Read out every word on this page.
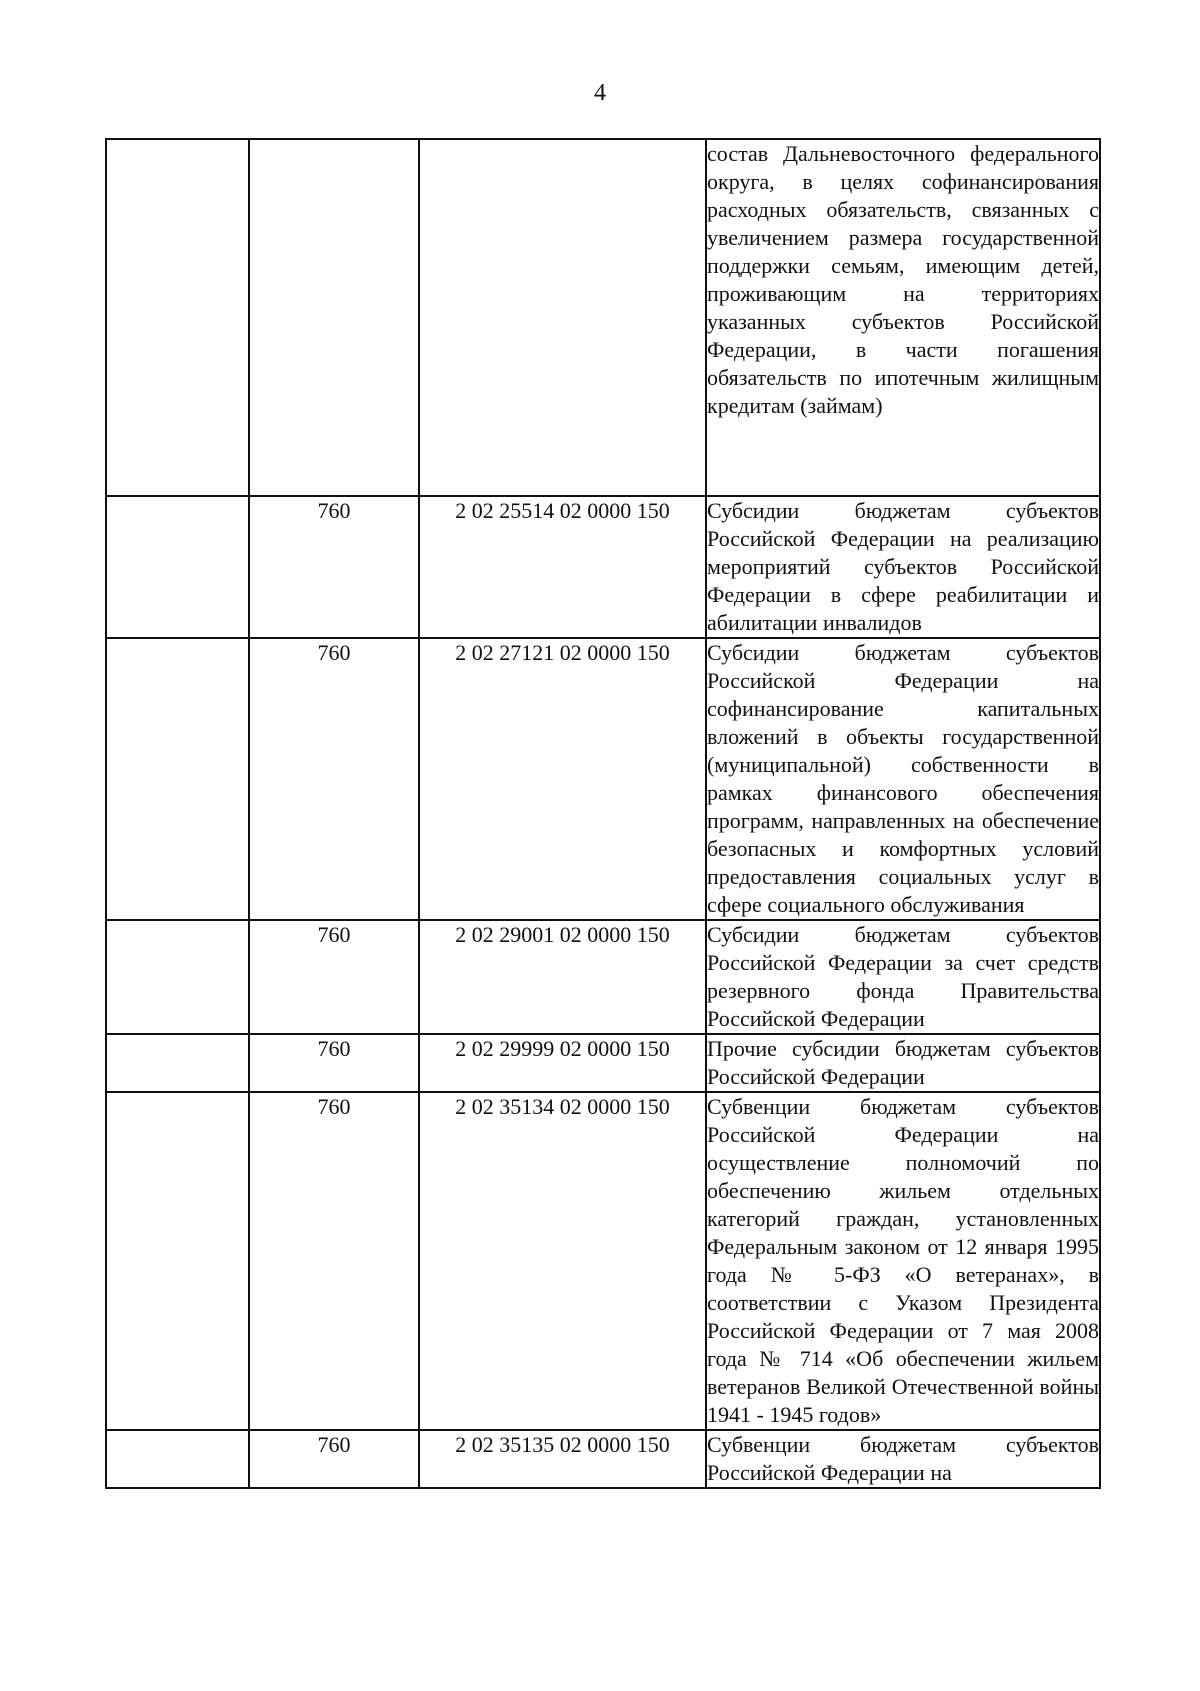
4

			состав Дальневосточного федерального округа, в целях софинансирования расходных обязательств, связанных с увеличением размера государственной поддержки семьям, имеющим детей, проживающим на территориях указанных субъектов Российской Федерации, в части погашения обязательств по ипотечным жилищным кредитам (займам)

	760	2 02 25514 02 0000 150	Субсидии бюджетам субъектов Российской Федерации на реализацию мероприятий субъектов Российской Федерации в сфере реабилитации и абилитации инвалидов

	760	2 02 27121 02 0000 150	Субсидии бюджетам субъектов Российской Федерации на софинансирование капитальных вложений в объекты государственной (муниципальной) собственности в рамках финансового обеспечения программ, направленных на обеспечение безопасных и комфортных условий предоставления социальных услуг в сфере социального обслуживания

	760	2 02 29001 02 0000 150	Субсидии бюджетам субъектов Российской Федерации за счет средств резервного фонда Правительства Российской Федерации

	760	2 02 29999 02 0000 150	Прочие субсидии бюджетам субъектов Российской Федерации

	760	2 02 35134 02 0000 150	Субвенции бюджетам субъектов Российской Федерации на осуществление полномочий по обеспечению жильем отдельных категорий граждан, установленных Федеральным законом от 12 января 1995 года № 5-ФЗ «О ветеранах», в соответствии с Указом Президента Российской Федерации от 7 мая 2008 года № 714 «Об обеспечении жильем ветеранов Великой Отечественной войны 1941 - 1945 годов»

	760	2 02 35135 02 0000 150	Субвенции бюджетам субъектов Российской Федерации на
